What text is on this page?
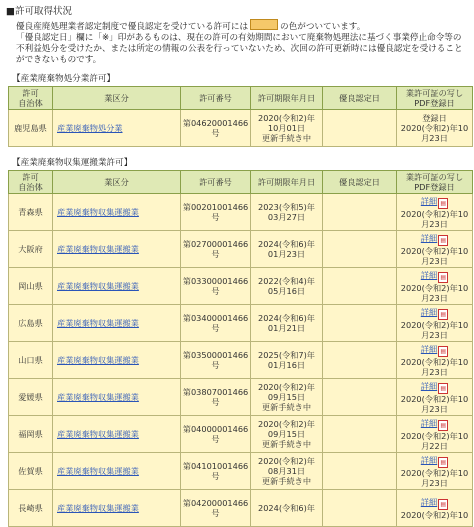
■許可取得状況
優良産廃処理業者認定制度で優良認定を受けている許可には	の色がついています。
「優良認定日」欄に「※」印があるものは、現在の許可の有効期間において廃棄物処理法に基づく事業停止命令等の不利益処分を受けたか、または所定の情報の公表を行っていないため、次回の許可更新時には優良認定を受けることができないものです。
【産業廃棄物処分業許可】
許可
自治体	業区分	許可番号	許可期限年月日	優良認定日	業許可証の写し
PDF登録日
鹿児島県	産業廃棄物処分業	第04620001466号	2020(令和2)年
10月01日
更新手続き中		登録日
2020(令和2)年10
月23日
【産業廃棄物収集運搬業許可】
許可
自治体	業区分	許可番号	許可期限年月日	優良認定日	業許可証の写し
PDF登録日
青森県	産業廃棄物収集運搬業	第00201001466号	2023(令和5)年
03月27日		詳細 ▤
2020(令和2)年10
月23日
大阪府	産業廃棄物収集運搬業	第02700001466号	2024(令和6)年
01月23日		詳細 ▤
2020(令和2)年10
月23日
岡山県	産業廃棄物収集運搬業	第03300001466号	2022(令和4)年
05月16日		詳細 ▤
2020(令和2)年10
月23日
広島県	産業廃棄物収集運搬業	第03400001466号	2024(令和6)年
01月21日		詳細 ▤
2020(令和2)年10
月23日
山口県	産業廃棄物収集運搬業	第03500001466号	2025(令和7)年
01月16日		詳細 ▤
2020(令和2)年10
月23日
愛媛県	産業廃棄物収集運搬業	第03807001466号	2020(令和2)年
09月15日
更新手続き中		詳細 ▤
2020(令和2)年10
月23日
福岡県	産業廃棄物収集運搬業	第04000001466号	2020(令和2)年
09月15日
更新手続き中		詳細 ▤
2020(令和2)年10
月22日
佐賀県	産業廃棄物収集運搬業	第04101001466号	2020(令和2)年
08月31日
更新手続き中		詳細 ▤
2020(令和2)年10
月23日
長崎県	産業廃棄物収集運搬業	第04200001466号	2024(令和6)年		詳細 ▤
2020(令和2)年10
